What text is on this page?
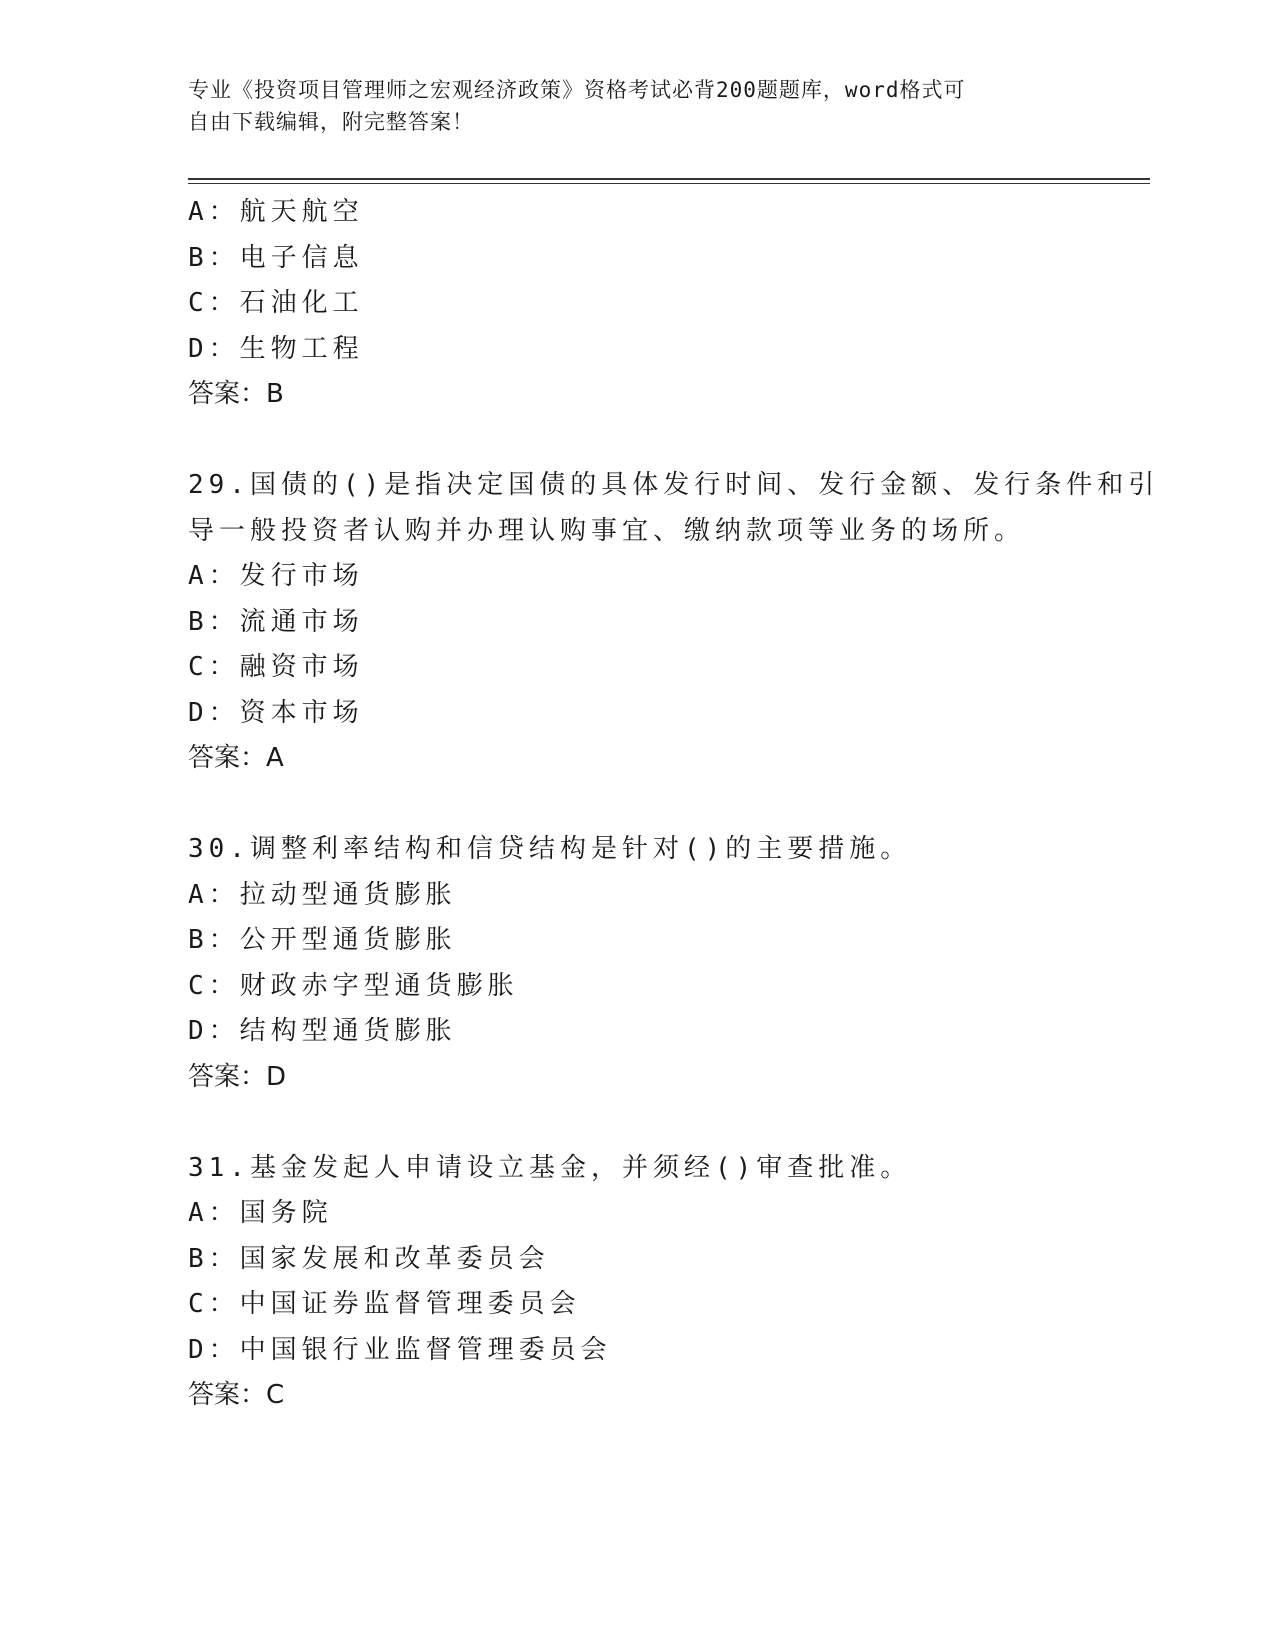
专业《投资项目管理师之宏观经济政策》资格考试必背200题题库，word格式可
自由下载编辑，附完整答案！
A：航天航空
B：电子信息
C：石油化工
D：生物工程
答案：B
29.国债的()是指决定国债的具体发行时间、发行金额、发行条件和引
导一般投资者认购并办理认购事宜、缴纳款项等业务的场所。
A：发行市场
B：流通市场
C：融资市场
D：资本市场
答案：A
30.调整利率结构和信贷结构是针对()的主要措施。
A：拉动型通货膨胀
B：公开型通货膨胀
C：财政赤字型通货膨胀
D：结构型通货膨胀
答案：D
31.基金发起人申请设立基金，并须经()审查批准。
A：国务院
B：国家发展和改革委员会
C：中国证券监督管理委员会
D：中国银行业监督管理委员会
答案：C
